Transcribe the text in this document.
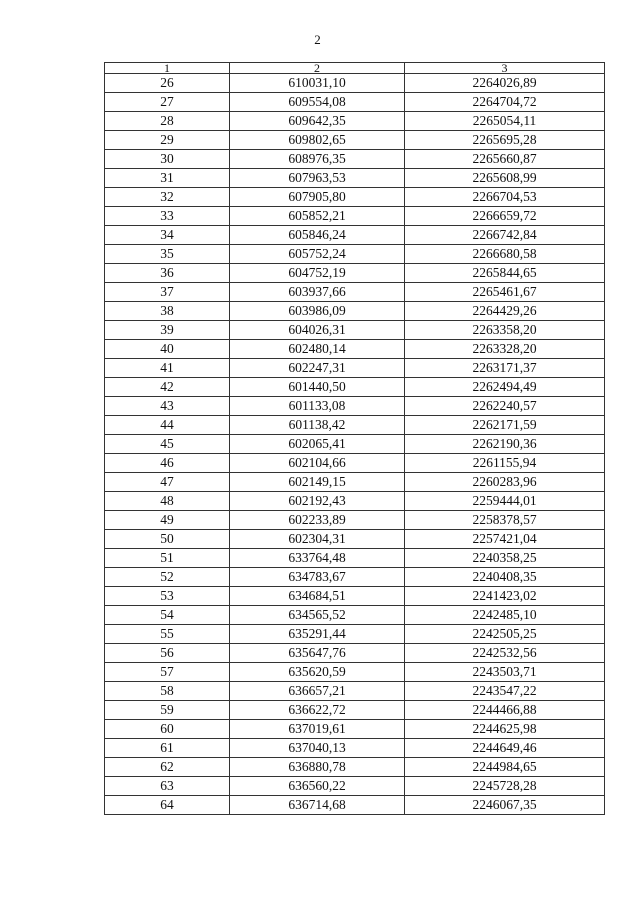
2
1	2	3
26	610031,10	2264026,89
27	609554,08	2264704,72
28	609642,35	2265054,11
29	609802,65	2265695,28
30	608976,35	2265660,87
31	607963,53	2265608,99
32	607905,80	2266704,53
33	605852,21	2266659,72
34	605846,24	2266742,84
35	605752,24	2266680,58
36	604752,19	2265844,65
37	603937,66	2265461,67
38	603986,09	2264429,26
39	604026,31	2263358,20
40	602480,14	2263328,20
41	602247,31	2263171,37
42	601440,50	2262494,49
43	601133,08	2262240,57
44	601138,42	2262171,59
45	602065,41	2262190,36
46	602104,66	2261155,94
47	602149,15	2260283,96
48	602192,43	2259444,01
49	602233,89	2258378,57
50	602304,31	2257421,04
51	633764,48	2240358,25
52	634783,67	2240408,35
53	634684,51	2241423,02
54	634565,52	2242485,10
55	635291,44	2242505,25
56	635647,76	2242532,56
57	635620,59	2243503,71
58	636657,21	2243547,22
59	636622,72	2244466,88
60	637019,61	2244625,98
61	637040,13	2244649,46
62	636880,78	2244984,65
63	636560,22	2245728,28
64	636714,68	2246067,35
